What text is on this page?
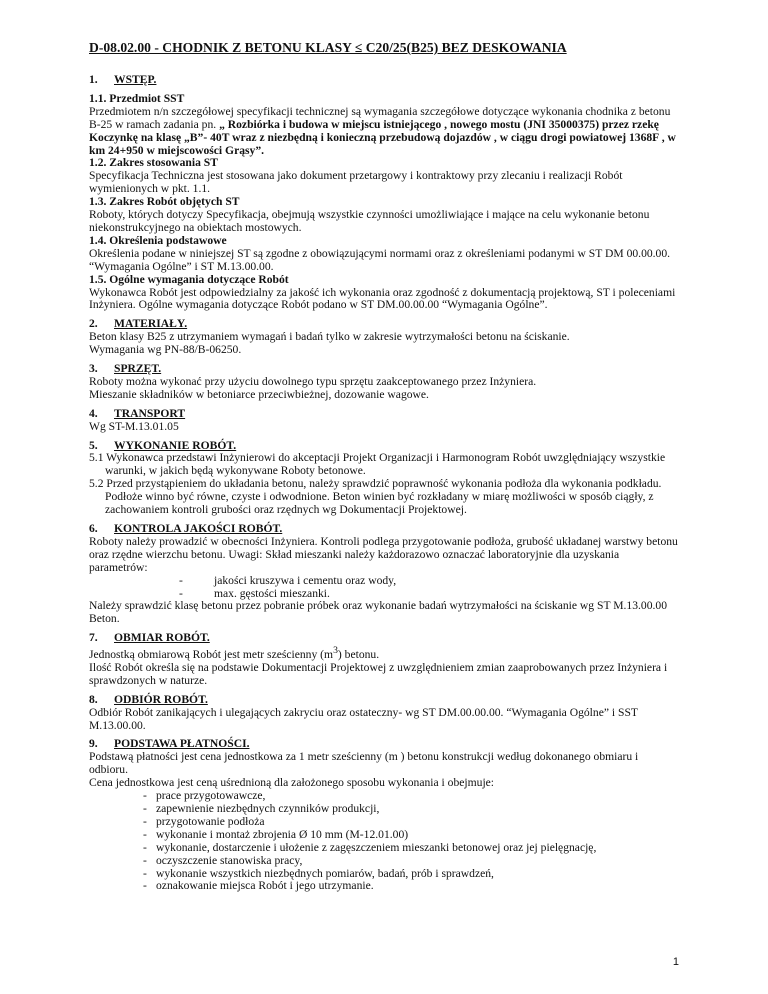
D-08.02.00 - CHODNIK Z BETONU KLASY ≤ C20/25(B25) BEZ DESKOWANIA
1. WSTĘP.
1.1. Przedmiot SST

Przedmiotem n/n szczegółowej specyfikacji technicznej są wymagania szczegółowe dotyczące wykonania chodnika z betonu B-25 w ramach zadania pn. „ Rozbiórka i budowa w miejscu istniejącego , nowego mostu (JNI 35000375) przez rzekę Koczynkę na klasę „B”- 40T wraz z niezbędną i konieczną przebudową dojazdów , w ciągu drogi powiatowej 1368F , w km 24+950 w miejscowości Grąsy”.

1.2. Zakres stosowania ST

Specyfikacja Techniczna jest stosowana jako dokument przetargowy i kontraktowy przy zlecaniu i realizacji Robót wymienionych w pkt. 1.1.

1.3. Zakres Robót objętych ST

Roboty, których dotyczy Specyfikacja, obejmują wszystkie czynności umożliwiające i mające na celu wykonanie betonu niekonstrukcyjnego na obiektach mostowych.

1.4. Określenia podstawowe

Określenia podane w niniejszej ST są zgodne z obowiązującymi normami oraz z określeniami podanymi w ST DM 00.00.00. “Wymagania Ogólne” i ST M.13.00.00.

1.5. Ogólne wymagania dotyczące Robót

Wykonawca Robót jest odpowiedzialny za jakość ich wykonania oraz zgodność z dokumentacją projektową, ST i poleceniami Inżyniera. Ogólne wymagania dotyczące Robót podano w ST DM.00.00.00 “Wymagania Ogólne”.

2. MATERIAŁY.

Beton klasy B25 z utrzymaniem wymagań i badań tylko w zakresie wytrzymałości betonu na ściskanie.

Wymagania wg PN-88/B-06250.

3. SPRZĘT.

Roboty można wykonać przy użyciu dowolnego typu sprzętu zaakceptowanego przez Inżyniera.

Mieszanie składników w betoniarce przeciwbieżnej, dozowanie wagowe.

4. TRANSPORT

Wg ST-M.13.01.05

5. WYKONANIE ROBÓT.

5.1 Wykonawca przedstawi Inżynierowi do akceptacji Projekt Organizacji i Harmonogram Robót uwzględniający wszystkie warunki, w jakich będą wykonywane Roboty betonowe.

5.2 Przed przystąpieniem do układania betonu, należy sprawdzić poprawność wykonania podłoża dla wykonania podkładu. Podłoże winno być równe, czyste i odwodnione. Beton winien być rozkładany w miarę możliwości w sposób ciągły, z zachowaniem kontroli grubości oraz rzędnych wg Dokumentacji Projektowej.

6. KONTROLA JAKOŚCI ROBÓT.

Roboty należy prowadzić w obecności Inżyniera. Kontroli podlega przygotowanie podłoża, grubość układanej warstwy betonu oraz rzędne wierzchu betonu. Uwagi: Skład mieszanki należy każdorazowo oznaczać laboratoryjnie dla uzyskania parametrów:

-	jakości kruszywa i cementu oraz wody,
-	max. gęstości mieszanki.

Należy sprawdzić klasę betonu przez pobranie próbek oraz wykonanie badań wytrzymałości na ściskanie wg ST M.13.00.00 Beton.

7. OBMIAR ROBÓT.

Jednostką obmiarową Robót jest metr sześcienny $(m^3)$ betonu.

Ilość Robót określa się na podstawie Dokumentacji Projektowej z uwzględnieniem zmian zaaprobowanych przez Inżyniera i sprawdzonych w naturze.

8. ODBIÓR ROBÓT.

Odbiór Robót zanikających i ulegających zakryciu oraz ostateczny- wg ST DM.00.00.00. “Wymagania Ogólne” i SST M.13.00.00.

9. PODSTAWA PŁATNOŚCI.

Podstawą płatności jest cena jednostkowa za 1 metr sześcienny (m ) betonu konstrukcji według dokonanego obmiaru i odbioru.

Cena jednostkowa jest ceną uśrednioną dla założonego sposobu wykonania i obejmuje:

- prace przygotowawcze,
- zapewnienie niezbędnych czynników produkcji,
- przygotowanie podłoża
- wykonanie i montaż zbrojenia Ø 10 mm (M-12.01.00)
- wykonanie, dostarczenie i ułożenie z zagęszczeniem mieszanki betonowej oraz jej pielęgnację,
- oczyszczenie stanowiska pracy,
- wykonanie wszystkich niezbędnych pomiarów, badań, prób i sprawdzeń,
- oznakowanie miejsca Robót i jego utrzymanie.
1
